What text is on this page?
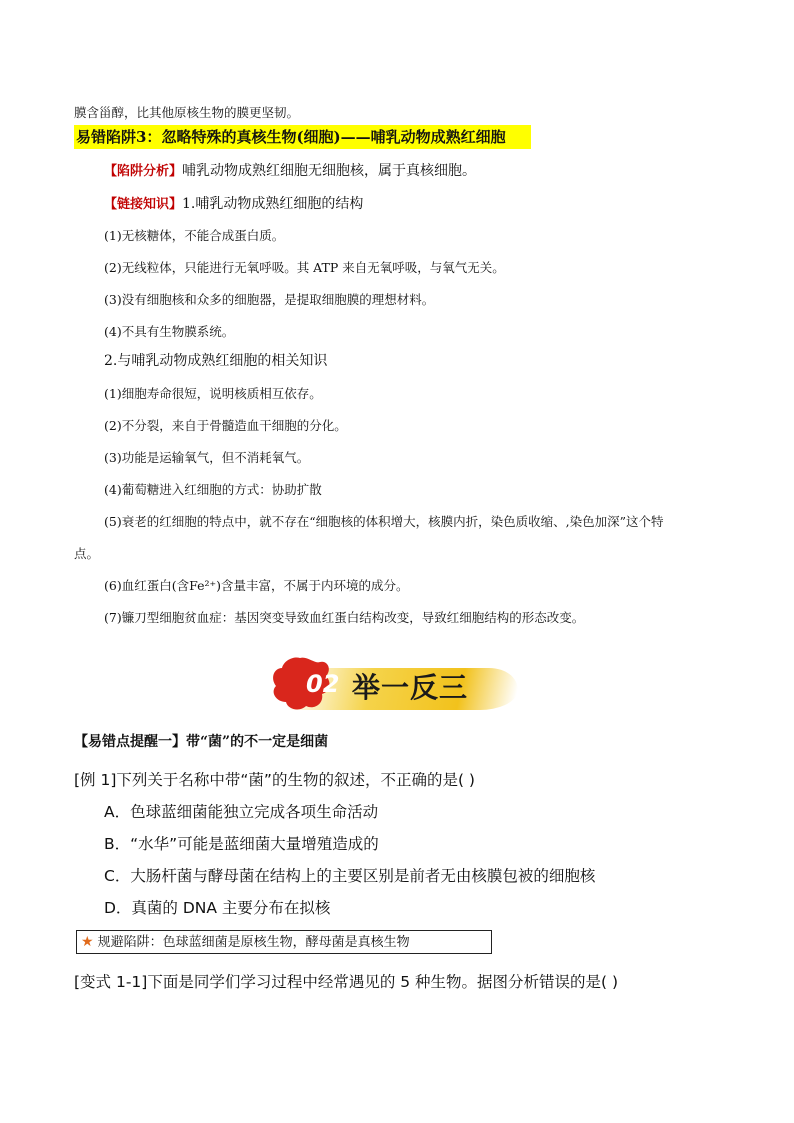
膜含甾醇，比其他原核生物的膜更坚韧。
易错陷阱3：忽略特殊的真核生物(细胞)——哺乳动物成熟红细胞
【陷阱分析】哺乳动物成熟红细胞无细胞核，属于真核细胞。
【链接知识】1.哺乳动物成熟红细胞的结构
(1)无核糖体，不能合成蛋白质。
(2)无线粒体，只能进行无氧呼吸。其 ATP 来自无氧呼吸，与氧气无关。
(3)没有细胞核和众多的细胞器，是提取细胞膜的理想材料。
(4)不具有生物膜系统。
2.与哺乳动物成熟红细胞的相关知识
(1)细胞寿命很短，说明核质相互依存。
(2)不分裂，来自于骨髓造血干细胞的分化。
(3)功能是运输氧气，但不消耗氧气。
(4)葡萄糖进入红细胞的方式：协助扩散
(5)衰老的红细胞的特点中，就不存在“细胞核的体积增大，核膜内折，染色质收缩、,染色加深”这个特
点。
(6)血红蛋白(含Fe²⁺)含量丰富，不属于内环境的成分。
(7)镰刀型细胞贫血症：基因突变导致血红蛋白结构改变，导致红细胞结构的形态改变。
02 举一反三
【易错点提醒一】带“菌”的不一定是细菌
[例 1]下列关于名称中带“菌”的生物的叙述，不正确的是( )
A．色球蓝细菌能独立完成各项生命活动
B．“水华”可能是蓝细菌大量增殖造成的
C．大肠杆菌与酵母菌在结构上的主要区别是前者无由核膜包被的细胞核
D．真菌的 DNA 主要分布在拟核
★ 规避陷阱：色球蓝细菌是原核生物，酵母菌是真核生物
[变式 1-1]下面是同学们学习过程中经常遇见的 5 种生物。据图分析错误的是( )
